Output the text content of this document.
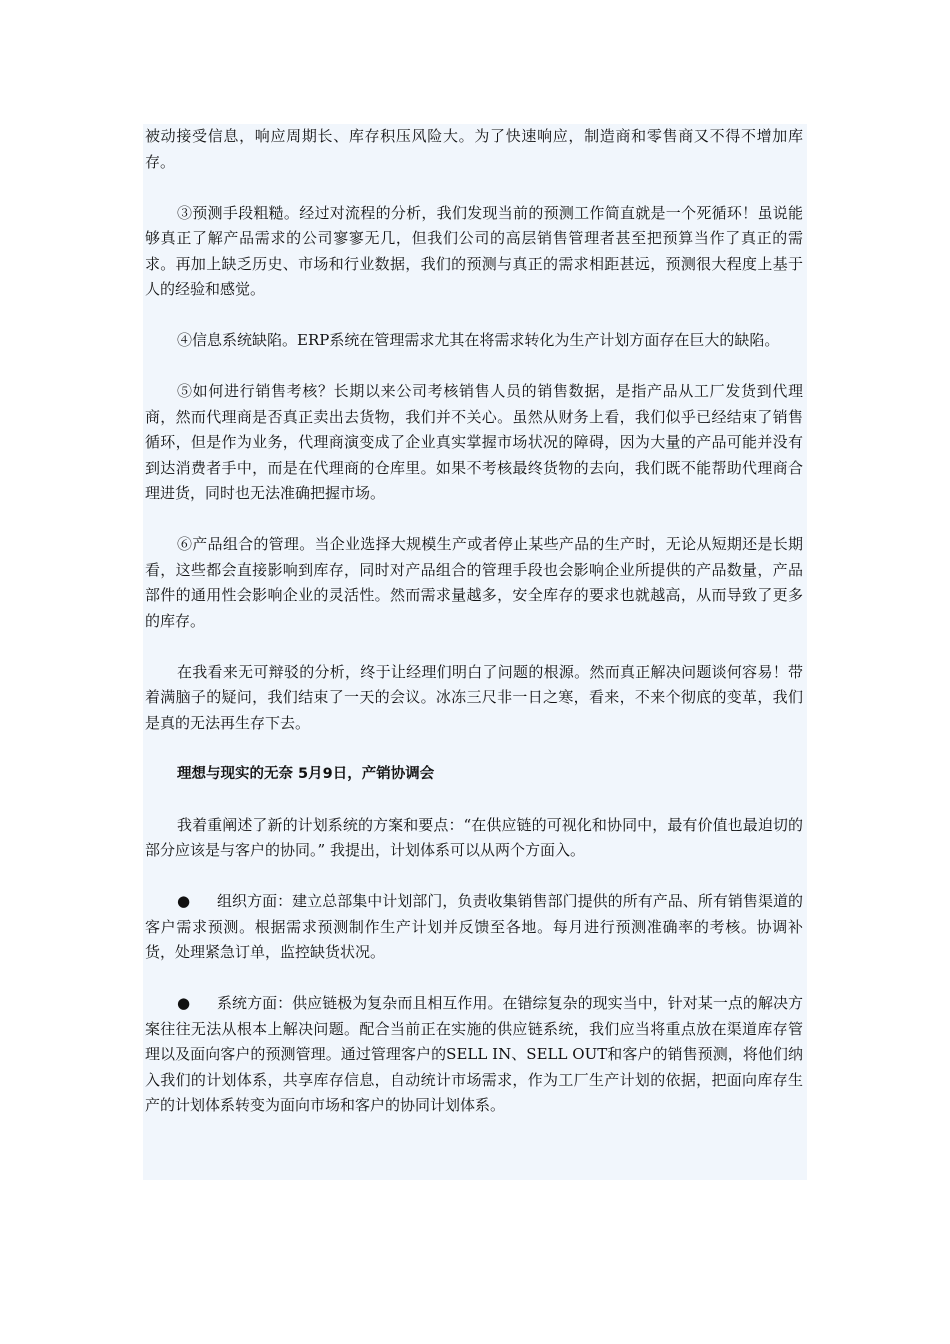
被动接受信息，响应周期长、库存积压风险大。为了快速响应，制造商和零售商又不得不增加库存。

③预测手段粗糙。经过对流程的分析，我们发现当前的预测工作简直就是一个死循环！虽说能够真正了解产品需求的公司寥寥无几，但我们公司的高层销售管理者甚至把预算当作了真正的需求。再加上缺乏历史、市场和行业数据，我们的预测与真正的需求相距甚远，预测很大程度上基于人的经验和感觉。

④信息系统缺陷。ERP系统在管理需求尤其在将需求转化为生产计划方面存在巨大的缺陷。

⑤如何进行销售考核？长期以来公司考核销售人员的销售数据，是指产品从工厂发货到代理商，然而代理商是否真正卖出去货物，我们并不关心。虽然从财务上看，我们似乎已经结束了销售循环，但是作为业务，代理商演变成了企业真实掌握市场状况的障碍，因为大量的产品可能并没有到达消费者手中，而是在代理商的仓库里。如果不考核最终货物的去向，我们既不能帮助代理商合理进货，同时也无法准确把握市场。

⑥产品组合的管理。当企业选择大规模生产或者停止某些产品的生产时，无论从短期还是长期看，这些都会直接影响到库存，同时对产品组合的管理手段也会影响企业所提供的产品数量，产品部件的通用性会影响企业的灵活性。然而需求量越多，安全库存的要求也就越高，从而导致了更多的库存。

在我看来无可辩驳的分析，终于让经理们明白了问题的根源。然而真正解决问题谈何容易！带着满脑子的疑问，我们结束了一天的会议。冰冻三尺非一日之寒，看来，不来个彻底的变革，我们是真的无法再生存下去。

理想与现实的无奈 5月9日，产销协调会

我着重阐述了新的计划系统的方案和要点：“在供应链的可视化和协同中，最有价值也最迫切的部分应该是与客户的协同。” 我提出，计划体系可以从两个方面入。

● 组织方面：建立总部集中计划部门，负责收集销售部门提供的所有产品、所有销售渠道的客户需求预测。根据需求预测制作生产计划并反馈至各地。每月进行预测准确率的考核。协调补货，处理紧急订单，监控缺货状况。

● 系统方面：供应链极为复杂而且相互作用。在错综复杂的现实当中，针对某一点的解决方案往往无法从根本上解决问题。配合当前正在实施的供应链系统，我们应当将重点放在渠道库存管理以及面向客户的预测管理。通过管理客户的SELL IN、SELL OUT和客户的销售预测，将他们纳入我们的计划体系，共享库存信息，自动统计市场需求，作为工厂生产计划的依据，把面向库存生产的计划体系转变为面向市场和客户的协同计划体系。
